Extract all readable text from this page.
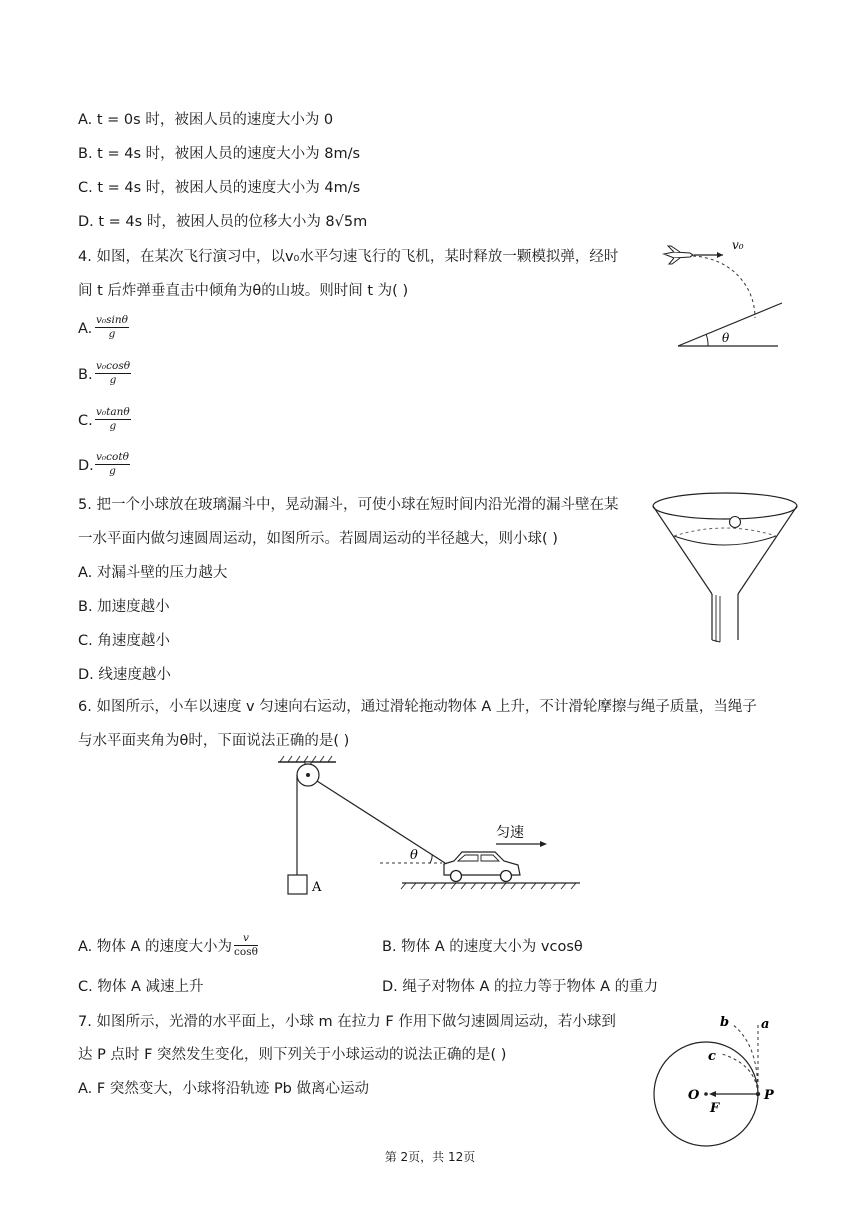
A. t = 0s 时，被困人员的速度大小为 0
B. t = 4s 时，被困人员的速度大小为 8m/s
C. t = 4s 时，被困人员的速度大小为 4m/s
D. t = 4s 时，被困人员的位移大小为 8√5m
4. 如图，在某次飞行演习中，以v₀水平匀速飞行的飞机，某时释放一颗模拟弹，经时
间 t 后炸弹垂直击中倾角为θ的山坡。则时间 t 为( )
A. $\frac{\text{v₀sinθ}}{g}$
B. $\frac{\text{v₀cosθ}}{g}$
C. $\frac{\text{v₀tanθ}}{g}$
D. $\frac{\text{v₀cotθ}}{g}$
v₀
θ
5. 把一个小球放在玻璃漏斗中，晃动漏斗，可使小球在短时间内沿光滑的漏斗壁在某
一水平面内做匀速圆周运动，如图所示。若圆周运动的半径越大，则小球( )
A. 对漏斗壁的压力越大
B. 加速度越小
C. 角速度越小
D. 线速度越小
6. 如图所示，小车以速度 v 匀速向右运动，通过滑轮拖动物体 A 上升，不计滑轮摩擦与绳子质量，当绳子
与水平面夹角为θ时，下面说法正确的是( )
A
θ
匀速
A. 物体 A 的速度大小为 $\frac{v}{\cos\theta}$	B. 物体 A 的速度大小为 vcosθ
C. 物体 A 减速上升	D. 绳子对物体 A 的拉力等于物体 A 的重力
7. 如图所示，光滑的水平面上，小球 m 在拉力 F 作用下做匀速圆周运动，若小球到
达 P 点时 F 突然发生变化，则下列关于小球运动的说法正确的是( )
A. F 突然变大，小球将沿轨迹 Pb 做离心运动
a
b
c
O
F
P
第 2页，共 12页
